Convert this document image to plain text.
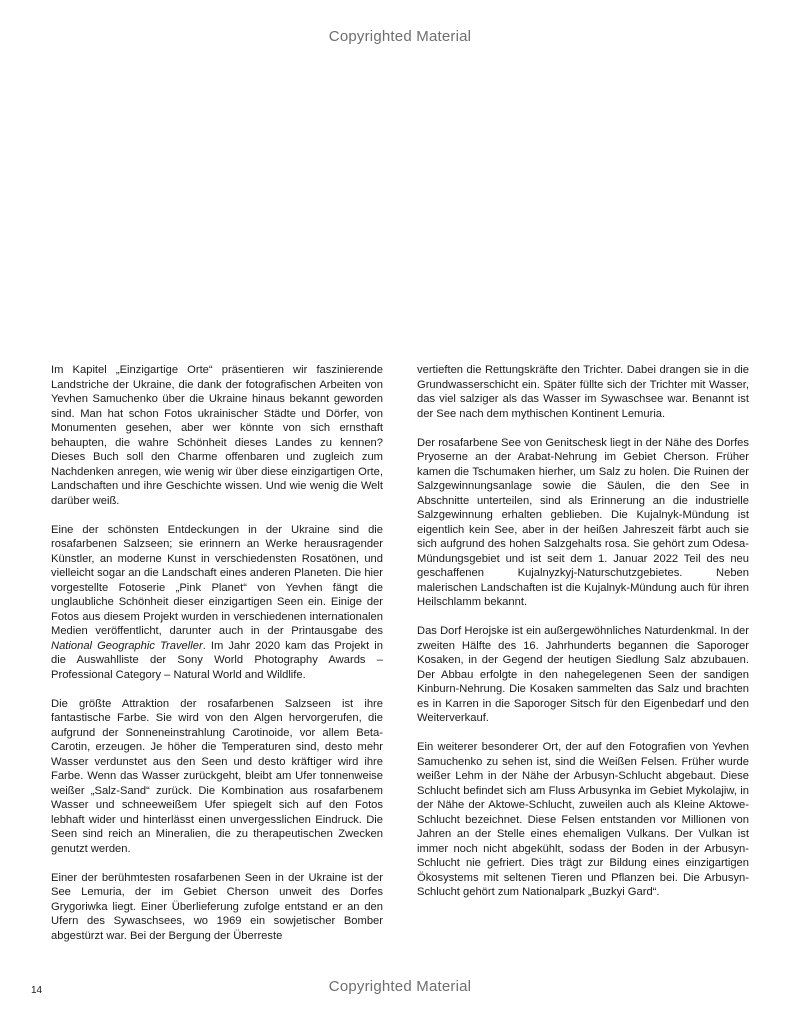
Copyrighted Material

Im Kapitel „Einzigartige Orte“ präsentieren wir faszinierende Landstriche der Ukraine, die dank der fotografischen Arbeiten von Yevhen Samuchenko über die Ukraine hinaus bekannt geworden sind. Man hat schon Fotos ukrainischer Städte und Dörfer, von Monumenten gesehen, aber wer könnte von sich ernsthaft behaupten, die wahre Schönheit dieses Landes zu kennen? Dieses Buch soll den Charme offenbaren und zugleich zum Nachdenken anregen, wie wenig wir über diese einzigartigen Orte, Landschaften und ihre Geschichte wissen. Und wie wenig die Welt darüber weiß.

Eine der schönsten Entdeckungen in der Ukraine sind die rosafarbenen Salzseen; sie erinnern an Werke herausragender Künstler, an moderne Kunst in verschiedensten Rosatönen, und vielleicht sogar an die Landschaft eines anderen Planeten. Die hier vorgestellte Fotoserie „Pink Planet“ von Yevhen fängt die unglaubliche Schönheit dieser einzigartigen Seen ein. Einige der Fotos aus diesem Projekt wurden in verschiedenen internationalen Medien veröffentlicht, darunter auch in der Printausgabe des National Geographic Traveller. Im Jahr 2020 kam das Projekt in die Auswahlliste der Sony World Photography Awards – Professional Category – Natural World and Wildlife.

Die größte Attraktion der rosafarbenen Salzseen ist ihre fantastische Farbe. Sie wird von den Algen hervorgerufen, die aufgrund der Sonneneinstrahlung Carotinoide, vor allem Beta-Carotin, erzeugen. Je höher die Temperaturen sind, desto mehr Wasser verdunstet aus den Seen und desto kräftiger wird ihre Farbe. Wenn das Wasser zurückgeht, bleibt am Ufer tonnenweise weißer „Salz-Sand“ zurück. Die Kombination aus rosafarbenem Wasser und schneeweißem Ufer spiegelt sich auf den Fotos lebhaft wider und hinterlässt einen unvergesslichen Eindruck. Die Seen sind reich an Mineralien, die zu therapeutischen Zwecken genutzt werden.

Einer der berühmtesten rosafarbenen Seen in der Ukraine ist der See Lemuria, der im Gebiet Cherson unweit des Dorfes Grygoriwka liegt. Einer Überlieferung zufolge entstand er an den Ufern des Sywaschsees, wo 1969 ein sowjetischer Bomber abgestürzt war. Bei der Bergung der Überreste

vertieften die Rettungskräfte den Trichter. Dabei drangen sie in die Grundwasserschicht ein. Später füllte sich der Trichter mit Wasser, das viel salziger als das Wasser im Sywaschsee war. Benannt ist der See nach dem mythischen Kontinent Lemuria.

Der rosafarbene See von Genitschesk liegt in der Nähe des Dorfes Pryoserne an der Arabat-Nehrung im Gebiet Cherson. Früher kamen die Tschumaken hierher, um Salz zu holen. Die Ruinen der Salzgewinnungsanlage sowie die Säulen, die den See in Abschnitte unterteilen, sind als Erinnerung an die industrielle Salzgewinnung erhalten geblieben. Die Kujalnyk-Mündung ist eigentlich kein See, aber in der heißen Jahreszeit färbt auch sie sich aufgrund des hohen Salzgehalts rosa. Sie gehört zum Odesa-Mündungsgebiet und ist seit dem 1. Januar 2022 Teil des neu geschaffenen Kujalnyzkyj-Naturschutzgebietes. Neben malerischen Landschaften ist die Kujalnyk-Mündung auch für ihren Heilschlamm bekannt.

Das Dorf Herojske ist ein außergewöhnliches Naturdenkmal. In der zweiten Hälfte des 16. Jahrhunderts begannen die Saporoger Kosaken, in der Gegend der heutigen Siedlung Salz abzubauen. Der Abbau erfolgte in den nahegelegenen Seen der sandigen Kinburn-Nehrung. Die Kosaken sammelten das Salz und brachten es in Karren in die Saporoger Sitsch für den Eigenbedarf und den Weiterverkauf.

Ein weiterer besonderer Ort, der auf den Fotografien von Yevhen Samuchenko zu sehen ist, sind die Weißen Felsen. Früher wurde weißer Lehm in der Nähe der Arbusyn-Schlucht abgebaut. Diese Schlucht befindet sich am Fluss Arbusynka im Gebiet Mykolajiw, in der Nähe der Aktowe-Schlucht, zuweilen auch als Kleine Aktowe-Schlucht bezeichnet. Diese Felsen entstanden vor Millionen von Jahren an der Stelle eines ehemaligen Vulkans. Der Vulkan ist immer noch nicht abgekühlt, sodass der Boden in der Arbusyn-Schlucht nie gefriert. Dies trägt zur Bildung eines einzigartigen Ökosystems mit seltenen Tieren und Pflanzen bei. Die Arbusyn-Schlucht gehört zum Nationalpark „Buzkyi Gard“.

14	Copyrighted Material
